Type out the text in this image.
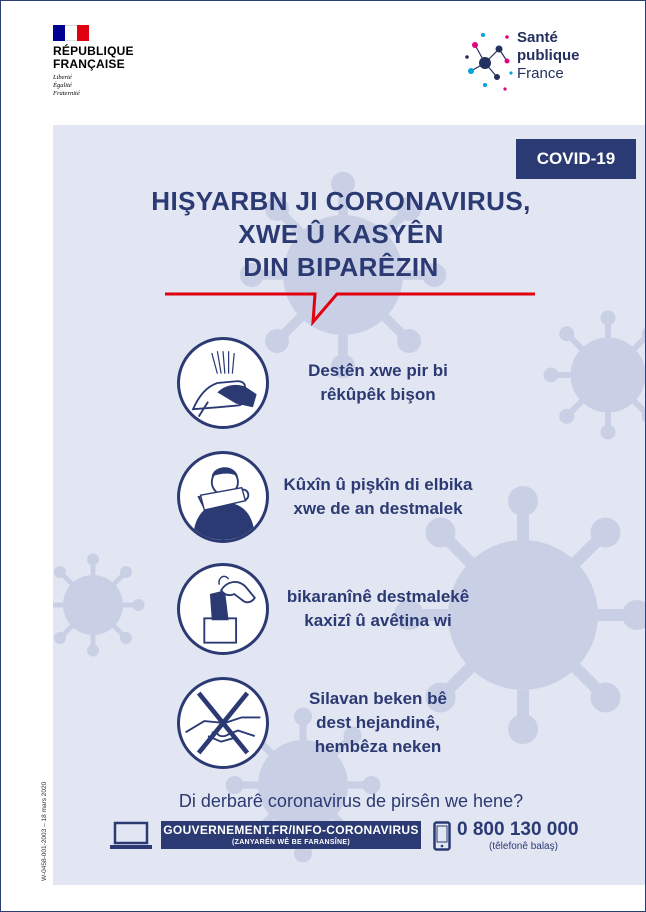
RÉPUBLIQUE
FRANÇAISE
Liberté
Égalité
Fraternité
Santé
publique
France
COVID-19
HIŞYARBN JI CORONAVIRUS,
XWE Û KASYÊN
DIN BIPARÊZIN
Destên xwe pir bi
rêkûpêk bişon
Kûxîn û pişkîn di elbika
xwe de an destmalek
bikaranînê destmalekê
kaxizî û avêtina wi
Silavan beken bê
dest hejandinê,
hembêza neken
Di derbarê coronavirus de pirsên we hene?
GOUVERNEMENT.FR/INFO-CORONAVIRUS
(ZANYARÊN WÊ BE FARANSÎNE)
0 800 130 000
(têlefonê balaş)
W-0458-001-2003 – 18 mars 2020
